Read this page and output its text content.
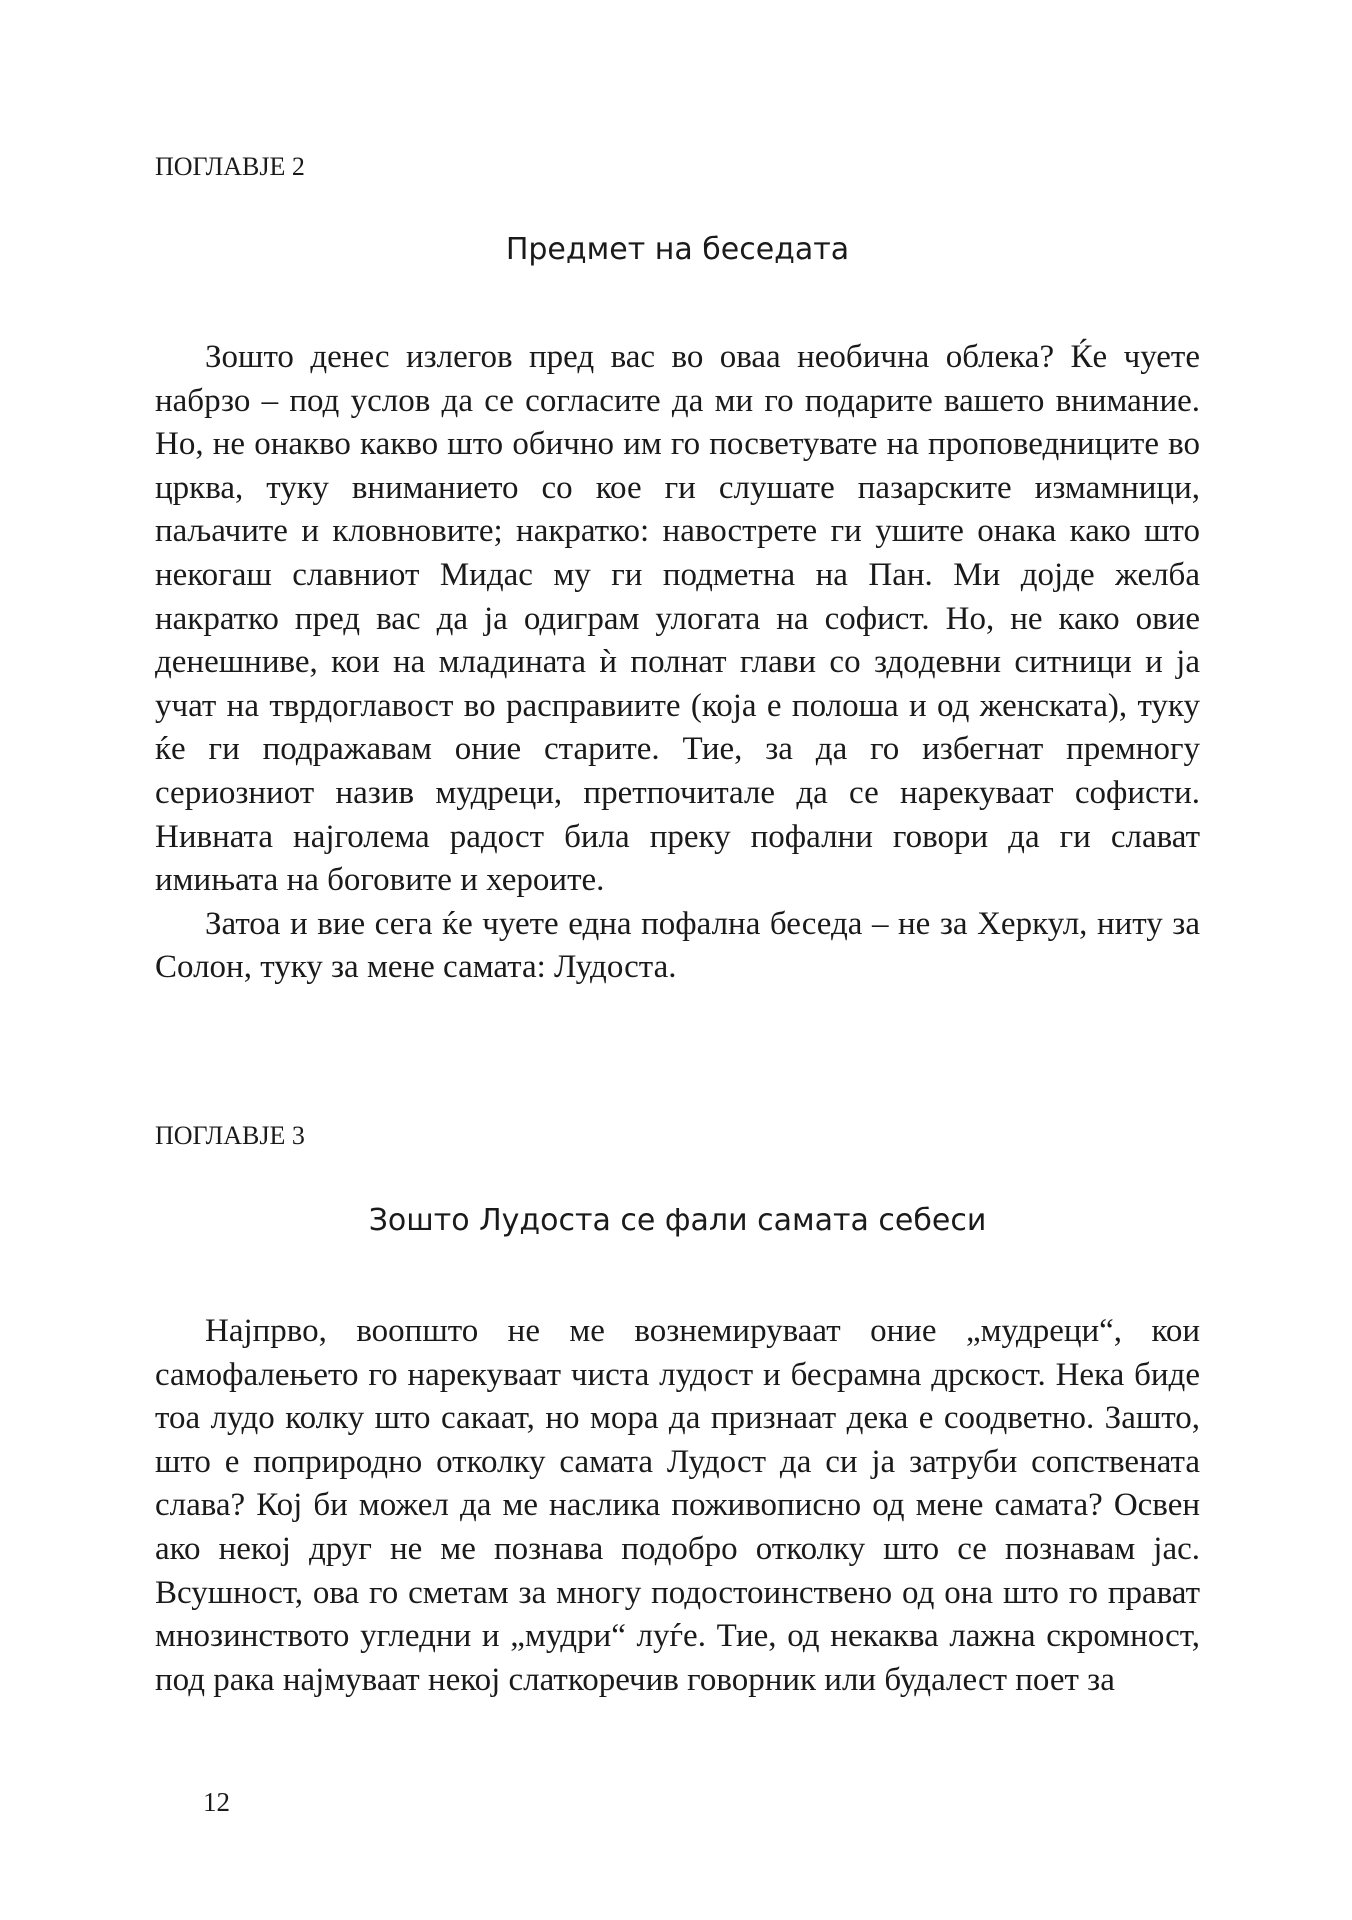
ПОГЛАВЈЕ 2
Предмет на беседата

Зошто денес излегов пред вас во оваа необична облека? Ќе чуете набрзо – под услов да се согласите да ми го подарите вашето внимание. Но, не онакво какво што обично им го посветувате на проповедниците во црква, туку вниманието со кое ги слушате пазарските измамници, паљачите и кловновите; накратко: навострете ги ушите онака како што некогаш славниот Мидас му ги подметна на Пан. Ми дојде желба накратко пред вас да ја одиграм улогата на софист. Но, не како овие денешниве, кои на младината ѝ полнат глави со здодевни ситници и ја учат на тврдоглавост во расправиите (која е полоша и од женската), туку ќе ги подражавам оние старите. Тие, за да го избегнат премногу сериозниот назив мудреци, претпочитале да се нарекуваат софисти. Нивната најголема радост била преку пофални говори да ги слават имињата на боговите и хероите.

Затоа и вие сега ќе чуете една пофална беседа – не за Херкул, ниту за Солон, туку за мене самата: Лудоста.

ПОГЛАВЈЕ 3
Зошто Лудоста се фали самата себеси

Најпрво, воопшто не ме вознемируваат оние „мудреци“, кои самофалењето го нарекуваат чиста лудост и бесрамна дрскост. Нека биде тоа лудо колку што сакаат, но мора да признаат дека е соодветно. Зашто, што е поприродно отколку самата Лудост да си ја затруби сопствената слава? Кој би можел да ме наслика поживописно од мене самата? Освен ако некој друг не ме познава подобро отколку што се познавам јас. Всушност, ова го сметам за многу подостоинствено од она што го прават мнозинството угледни и „мудри“ луѓе. Тие, од некаква лажна скромност, под рака најмуваат некој слаткоречив говорник или будалест поет за

12
